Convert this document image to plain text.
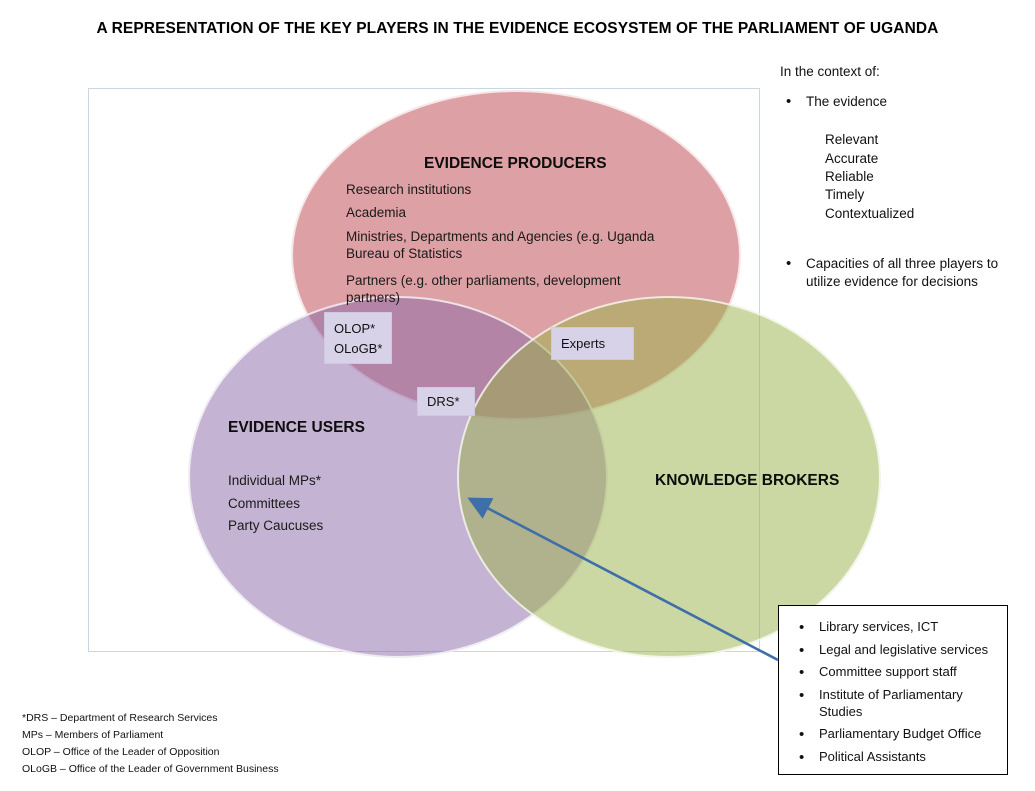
A REPRESENTATION OF THE KEY PLAYERS IN THE EVIDENCE ECOSYSTEM OF THE PARLIAMENT OF UGANDA
EVIDENCE PRODUCERS
EVIDENCE USERS
KNOWLEDGE BROKERS
Research institutions
Academia
Ministries, Departments and Agencies (e.g. Uganda Bureau of Statistics
Partners (e.g. other parliaments, development partners)
Individual MPs*
Committees
Party Caucuses
OLOP*
OLoGB*	Experts
DRS*
In the context of:
• The evidence
Relevant
Accurate
Reliable
Timely
Contextualized
• Capacities of all three players to utilize evidence for decisions
• Library services, ICT
• Legal and legislative services
• Committee support staff
• Institute of Parliamentary Studies
• Parliamentary Budget Office
• Political Assistants
*DRS – Department of Research Services
MPs – Members of Parliament
OLOP – Office of the Leader of Opposition
OLoGB – Office of the Leader of Government Business
